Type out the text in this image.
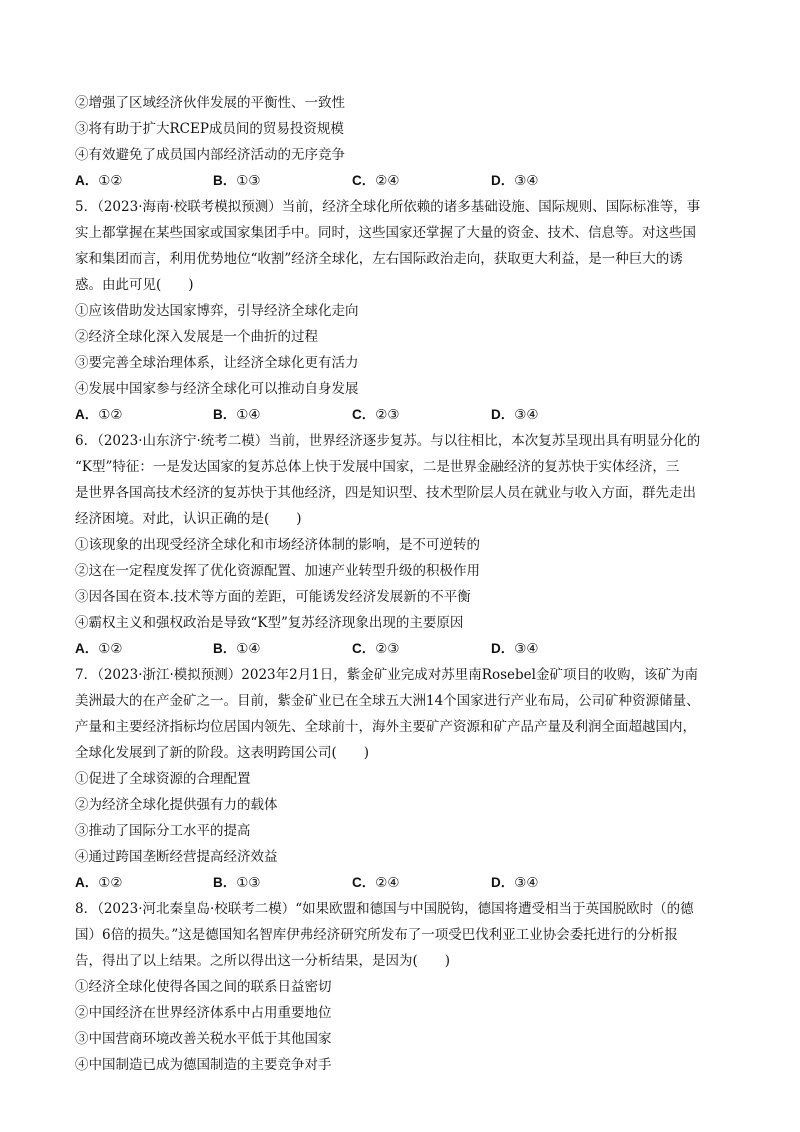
②增强了区域经济伙伴发展的平衡性、一致性
③将有助于扩大RCEP成员间的贸易投资规模
④有效避免了成员国内部经济活动的无序竞争
A．①②	B．①③	C．②④	D．③④
5．（2023·海南·校联考模拟预测）当前，经济全球化所依赖的诸多基础设施、国际规则、国际标准等，事
实上都掌握在某些国家或国家集团手中。同时，这些国家还掌握了大量的资金、技术、信息等。对这些国
家和集团而言，利用优势地位“收割”经济全球化，左右国际政治走向，获取更大利益，是一种巨大的诱
惑。由此可见(　　)
①应该借助发达国家博弈，引导经济全球化走向
②经济全球化深入发展是一个曲折的过程
③要完善全球治理体系，让经济全球化更有活力
④发展中国家参与经济全球化可以推动自身发展
A．①②	B．①④	C．②③	D．③④
6．（2023·山东济宁·统考二模）当前，世界经济逐步复苏。与以往相比，本次复苏呈现出具有明显分化的
“K型”特征：一是发达国家的复苏总体上快于发展中国家，二是世界金融经济的复苏快于实体经济，三
是世界各国高技术经济的复苏快于其他经济，四是知识型、技术型阶层人员在就业与收入方面，群先走出
经济困境。对此，认识正确的是(　　)
①该现象的出现受经济全球化和市场经济体制的影响，是不可逆转的
②这在一定程度发挥了优化资源配置、加速产业转型升级的积极作用
③因各国在资本.技术等方面的差距，可能诱发经济发展新的不平衡
④霸权主义和强权政治是导致“K型”复苏经济现象出现的主要原因
A．①②	B．①④	C．②③	D．③④
7．（2023·浙江·模拟预测）2023年2月1日，紫金矿业完成对苏里南Rosebel金矿项目的收购，该矿为南
美洲最大的在产金矿之一。目前，紫金矿业已在全球五大洲14个国家进行产业布局，公司矿种资源储量、
产量和主要经济指标均位居国内领先、全球前十，海外主要矿产资源和矿产品产量及利润全面超越国内，
全球化发展到了新的阶段。这表明跨国公司(　　)
①促进了全球资源的合理配置
②为经济全球化提供强有力的载体
③推动了国际分工水平的提高
④通过跨国垄断经营提高经济效益
A．①②	B．①③	C．②④	D．③④
8．（2023·河北秦皇岛·校联考二模）“如果欧盟和德国与中国脱钩，德国将遭受相当于英国脱欧时（的德
国）6倍的损失。”这是德国知名智库伊弗经济研究所发布了一项受巴伐利亚工业协会委托进行的分析报
告，得出了以上结果。之所以得出这一分析结果，是因为(　　)
①经济全球化使得各国之间的联系日益密切
②中国经济在世界经济体系中占用重要地位
③中国营商环境改善关税水平低于其他国家
④中国制造已成为德国制造的主要竞争对手
